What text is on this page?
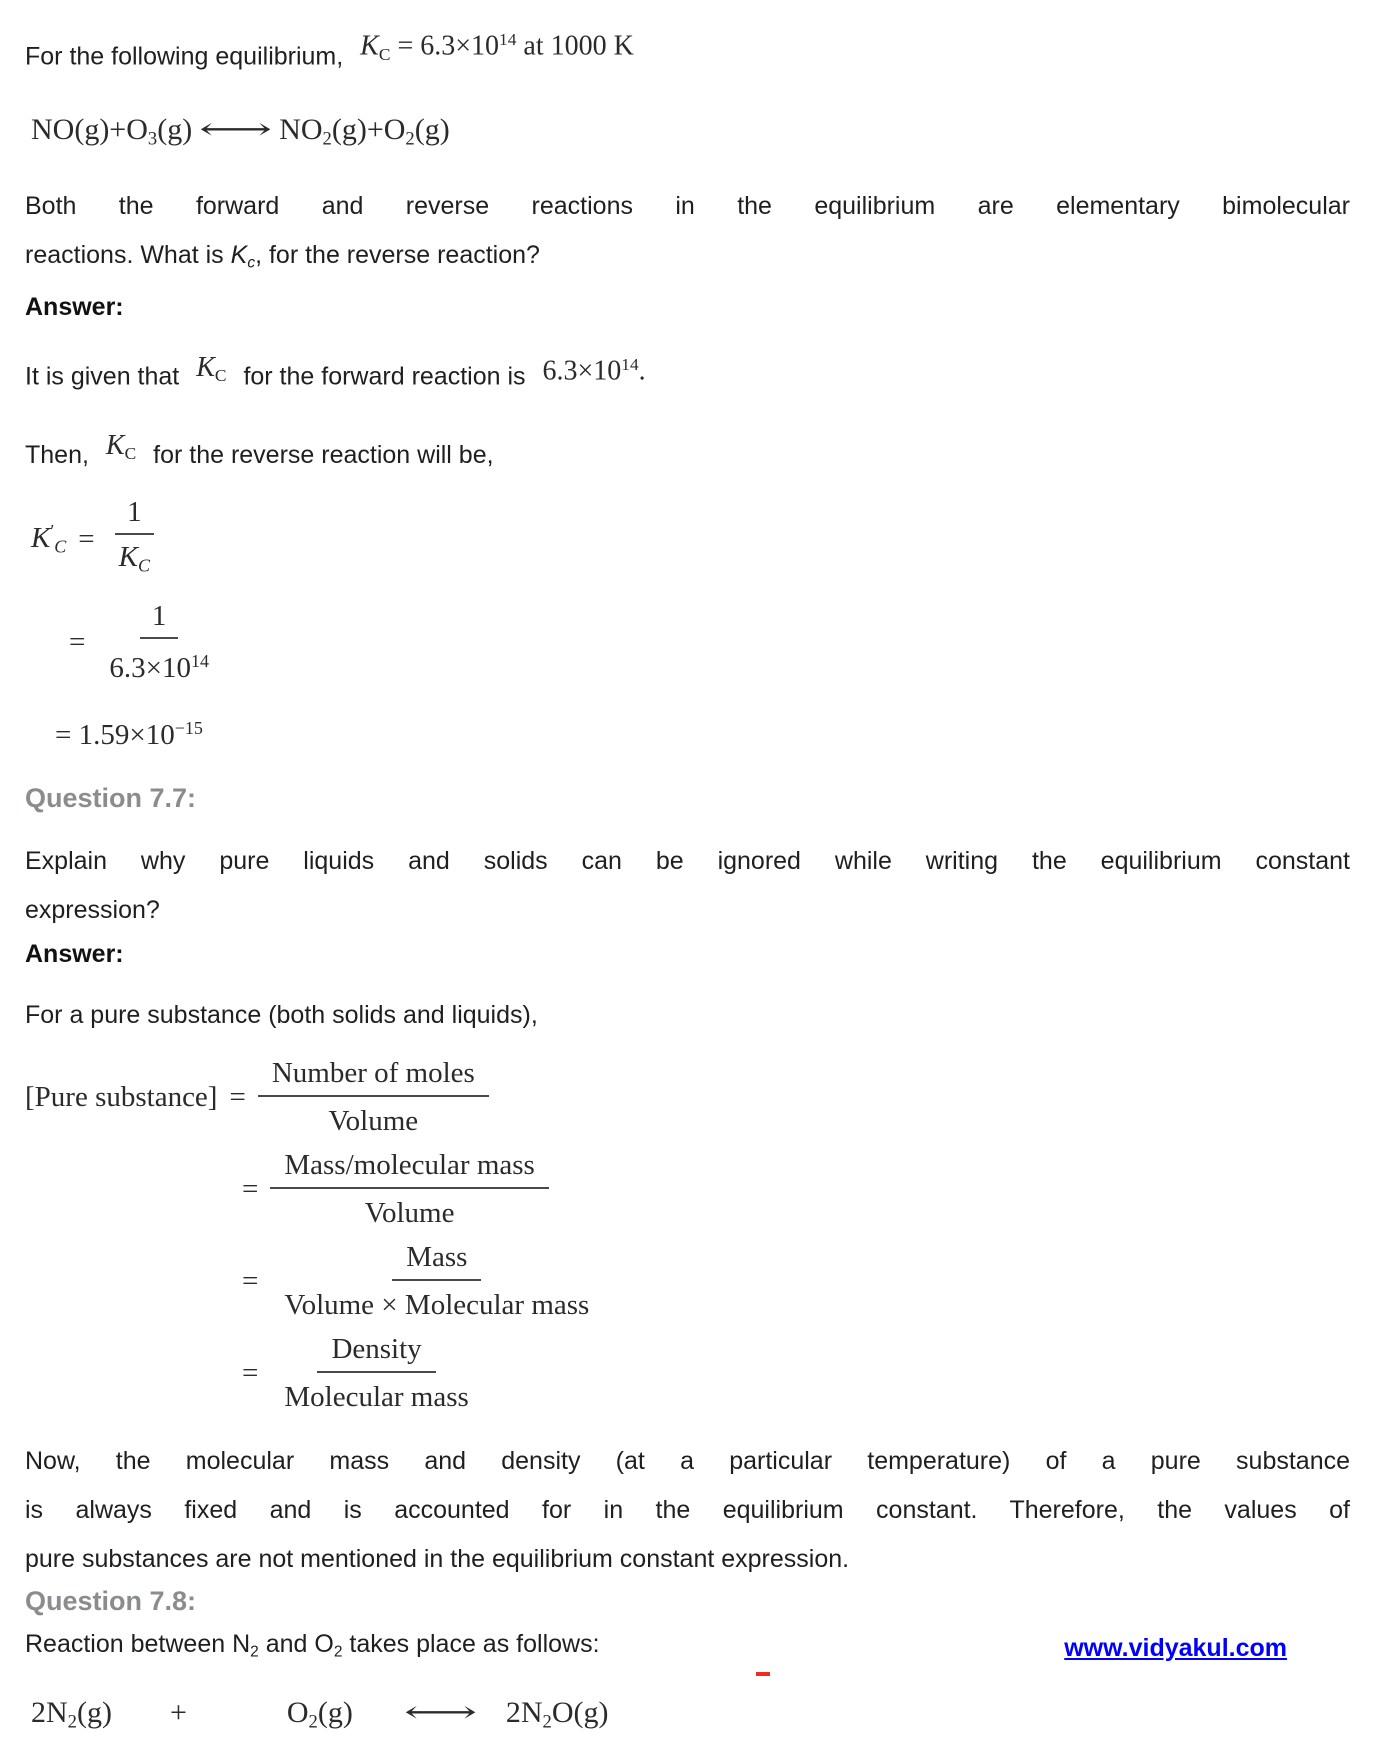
For the following equilibrium, $K_C = 6.3\times 10^{14}$ at 1000 K
$NO(g)+O_3(g)$ ⟷ $NO_2(g)+O_2(g)$
Both the forward and reverse reactions in the equilibrium are elementary bimolecular
reactions. What is $K_c$, for the reverse reaction?
Answer:
It is given that $K_C$ for the forward reaction is $6.3\times 10^{14}$.
Then, $K_C$ for the reverse reaction will be,
$K'_C = \frac{1}{K_C}$
= $\frac{1}{6.3\times 10^{14}}$
= $1.59\times 10^{-15}$
Question 7.7:
Explain why pure liquids and solids can be ignored while writing the equilibrium constant
expression?
Answer:
For a pure substance (both solids and liquids),
[Pure substance] = $\frac{\text{Number of moles}}{\text{Volume}}$
= $\frac{\text{Mass/molecular mass}}{\text{Volume}}$
= $\frac{\text{Mass}}{\text{Volume × Molecular mass}}$
= $\frac{\text{Density}}{\text{Molecular mass}}$
Now, the molecular mass and density (at a particular temperature) of a pure substance
is always fixed and is accounted for in the equilibrium constant. Therefore, the values of
pure substances are not mentioned in the equilibrium constant expression.
Question 7.8:
Reaction between $N_2$ and $O_2$ takes place as follows:
$2N_2(g)$ +	$O_2(g)$ ⟷ $2N_2O(g)$
www.vidyakul.com
